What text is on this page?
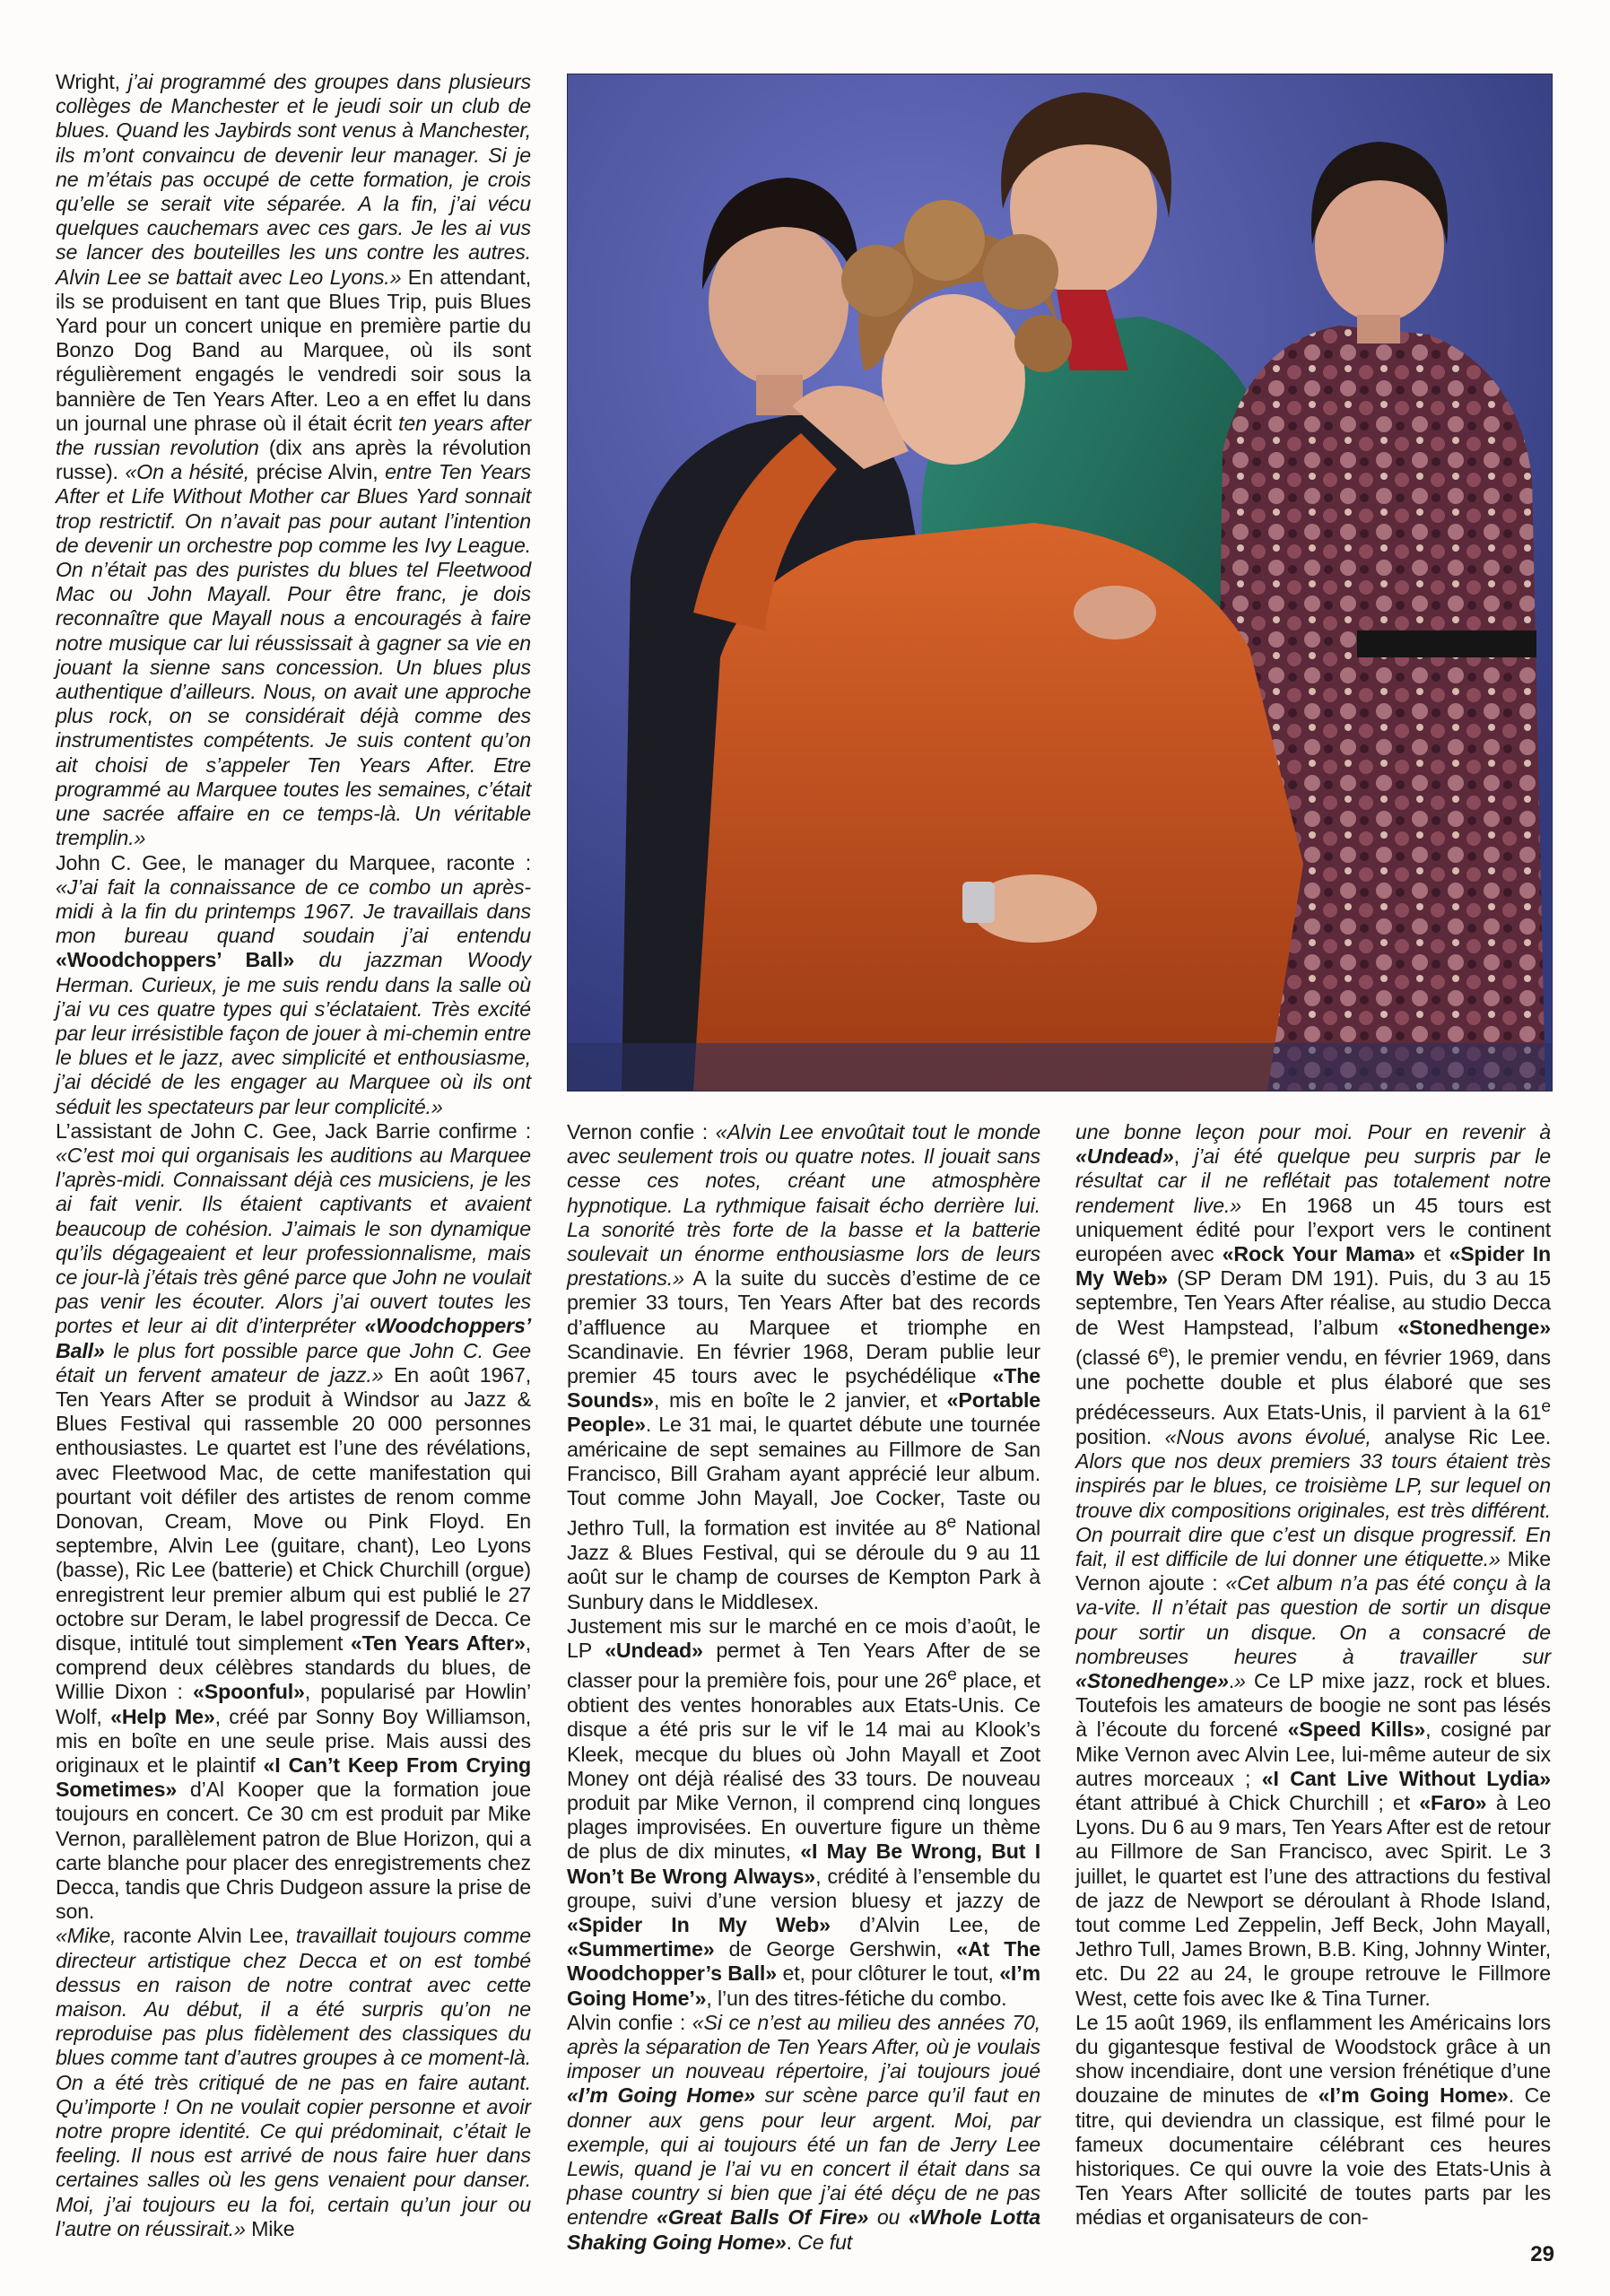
Wright, j’ai programmé des groupes dans plusieurs collèges de Manchester et le jeudi soir un club de blues. Quand les Jaybirds sont venus à Manchester, ils m’ont convaincu de devenir leur manager. Si je ne m’étais pas occupé de cette formation, je crois qu’elle se serait vite séparée. A la fin, j’ai vécu quelques cauchemars avec ces gars. Je les ai vus se lancer des bouteilles les uns contre les autres. Alvin Lee se battait avec Leo Lyons.» En attendant, ils se produisent en tant que Blues Trip, puis Blues Yard pour un concert unique en première partie du Bonzo Dog Band au Marquee, où ils sont régulièrement engagés le vendredi soir sous la bannière de Ten Years After. Leo a en effet lu dans un journal une phrase où il était écrit ten years after the russian revolution (dix ans après la révolution russe). «On a hésité, précise Alvin, entre Ten Years After et Life Without Mother car Blues Yard sonnait trop restrictif. On n’avait pas pour autant l’intention de devenir un orchestre pop comme les Ivy League. On n’était pas des puristes du blues tel Fleetwood Mac ou John Mayall. Pour être franc, je dois reconnaître que Mayall nous a encouragés à faire notre musique car lui réussissait à gagner sa vie en jouant la sienne sans concession. Un blues plus authentique d’ailleurs. Nous, on avait une approche plus rock, on se considérait déjà comme des instrumentistes compétents. Je suis content qu’on ait choisi de s’appeler Ten Years After. Etre programmé au Marquee toutes les semaines, c’était une sacrée affaire en ce temps-là. Un véritable tremplin.»
John C. Gee, le manager du Marquee, raconte : «J’ai fait la connaissance de ce combo un après-midi à la fin du printemps 1967. Je travaillais dans mon bureau quand soudain j’ai entendu «Woodchoppers’ Ball» du jazzman Woody Herman. Curieux, je me suis rendu dans la salle où j’ai vu ces quatre types qui s’éclataient. Très excité par leur irrésistible façon de jouer à mi-chemin entre le blues et le jazz, avec simplicité et enthousiasme, j’ai décidé de les engager au Marquee où ils ont séduit les spectateurs par leur complicité.»
L’assistant de John C. Gee, Jack Barrie confirme : «C’est moi qui organisais les auditions au Marquee l’après-midi. Connaissant déjà ces musiciens, je les ai fait venir. Ils étaient captivants et avaient beaucoup de cohésion. J’aimais le son dynamique qu’ils dégageaient et leur professionnalisme, mais ce jour-là j’étais très gêné parce que John ne voulait pas venir les écouter. Alors j’ai ouvert toutes les portes et leur ai dit d’interpréter «Woodchoppers’ Ball» le plus fort possible parce que John C. Gee était un fervent amateur de jazz.» En août 1967, Ten Years After se produit à Windsor au Jazz & Blues Festival qui rassemble 20 000 personnes enthousiastes. Le quartet est l’une des révélations, avec Fleetwood Mac, de cette manifestation qui pourtant voit défiler des artistes de renom comme Donovan, Cream, Move ou Pink Floyd. En septembre, Alvin Lee (guitare, chant), Leo Lyons (basse), Ric Lee (batterie) et Chick Churchill (orgue) enregistrent leur premier album qui est publié le 27 octobre sur Deram, le label progressif de Decca. Ce disque, intitulé tout simplement «Ten Years After», comprend deux célèbres standards du blues, de Willie Dixon : «Spoonful», popularisé par Howlin’ Wolf, «Help Me», créé par Sonny Boy Williamson, mis en boîte en une seule prise. Mais aussi des originaux et le plaintif «I Can’t Keep From Crying Sometimes» d’Al Kooper que la formation joue toujours en concert. Ce 30 cm est produit par Mike Vernon, parallèlement patron de Blue Horizon, qui a carte blanche pour placer des enregistrements chez Decca, tandis que Chris Dudgeon assure la prise de son.
«Mike, raconte Alvin Lee, travaillait toujours comme directeur artistique chez Decca et on est tombé dessus en raison de notre contrat avec cette maison. Au début, il a été surpris qu’on ne reproduise pas plus fidèlement des classiques du blues comme tant d’autres groupes à ce moment-là. On a été très critiqué de ne pas en faire autant. Qu’importe ! On ne voulait copier personne et avoir notre propre identité. Ce qui prédominait, c’était le feeling. Il nous est arrivé de nous faire huer dans certaines salles où les gens venaient pour danser. Moi, j’ai toujours eu la foi, certain qu’un jour ou l’autre on réussirait.» Mike

Vernon confie : «Alvin Lee envoûtait tout le monde avec seulement trois ou quatre notes. Il jouait sans cesse ces notes, créant une atmosphère hypnotique. La rythmique faisait écho derrière lui. La sonorité très forte de la basse et la batterie soulevait un énorme enthousiasme lors de leurs prestations.» A la suite du succès d’estime de ce premier 33 tours, Ten Years After bat des records d’affluence au Marquee et triomphe en Scandinavie. En février 1968, Deram publie leur premier 45 tours avec le psychédélique «The Sounds», mis en boîte le 2 janvier, et «Portable People». Le 31 mai, le quartet débute une tournée américaine de sept semaines au Fillmore de San Francisco, Bill Graham ayant apprécié leur album. Tout comme John Mayall, Joe Cocker, Taste ou Jethro Tull, la formation est invitée au 8e National Jazz & Blues Festival, qui se déroule du 9 au 11 août sur le champ de courses de Kempton Park à Sunbury dans le Middlesex.
Justement mis sur le marché en ce mois d’août, le LP «Undead» permet à Ten Years After de se classer pour la première fois, pour une 26e place, et obtient des ventes honorables aux Etats-Unis. Ce disque a été pris sur le vif le 14 mai au Klook’s Kleek, mecque du blues où John Mayall et Zoot Money ont déjà réalisé des 33 tours. De nouveau produit par Mike Vernon, il comprend cinq longues plages improvisées. En ouverture figure un thème de plus de dix minutes, «I May Be Wrong, But I Won’t Be Wrong Always», crédité à l’ensemble du groupe, suivi d’une version bluesy et jazzy de «Spider In My Web» d’Alvin Lee, de «Summertime» de George Gershwin, «At The Woodchopper’s Ball» et, pour clôturer le tout, «I’m Going Home’», l’un des titres-fétiche du combo.
Alvin confie : «Si ce n’est au milieu des années 70, après la séparation de Ten Years After, où je voulais imposer un nouveau répertoire, j’ai toujours joué «I’m Going Home» sur scène parce qu’il faut en donner aux gens pour leur argent. Moi, par exemple, qui ai toujours été un fan de Jerry Lee Lewis, quand je l’ai vu en concert il était dans sa phase country si bien que j’ai été déçu de ne pas entendre «Great Balls Of Fire» ou «Whole Lotta Shaking Going Home». Ce fut

une bonne leçon pour moi. Pour en revenir à «Undead», j’ai été quelque peu surpris par le résultat car il ne reflétait pas totalement notre rendement live.» En 1968 un 45 tours est uniquement édité pour l’export vers le continent européen avec «Rock Your Mama» et «Spider In My Web» (SP Deram DM 191). Puis, du 3 au 15 septembre, Ten Years After réalise, au studio Decca de West Hampstead, l’album «Stonedhenge» (classé 6e), le premier vendu, en février 1969, dans une pochette double et plus élaboré que ses prédécesseurs. Aux Etats-Unis, il parvient à la 61e position. «Nous avons évolué, analyse Ric Lee. Alors que nos deux premiers 33 tours étaient très inspirés par le blues, ce troisième LP, sur lequel on trouve dix compositions originales, est très différent. On pourrait dire que c’est un disque progressif. En fait, il est difficile de lui donner une étiquette.» Mike Vernon ajoute : «Cet album n’a pas été conçu à la va-vite. Il n’était pas question de sortir un disque pour sortir un disque. On a consacré de nombreuses heures à travailler sur «Stonedhenge».» Ce LP mixe jazz, rock et blues. Toutefois les amateurs de boogie ne sont pas lésés à l’écoute du forcené «Speed Kills», cosigné par Mike Vernon avec Alvin Lee, lui-même auteur de six autres morceaux ; «I Cant Live Without Lydia» étant attribué à Chick Churchill ; et «Faro» à Leo Lyons. Du 6 au 9 mars, Ten Years After est de retour au Fillmore de San Francisco, avec Spirit. Le 3 juillet, le quartet est l’une des attractions du festival de jazz de Newport se déroulant à Rhode Island, tout comme Led Zeppelin, Jeff Beck, John Mayall, Jethro Tull, James Brown, B.B. King, Johnny Winter, etc. Du 22 au 24, le groupe retrouve le Fillmore West, cette fois avec Ike & Tina Turner.
Le 15 août 1969, ils enflamment les Américains lors du gigantesque festival de Woodstock grâce à un show incendiaire, dont une version frénétique d’une douzaine de minutes de «I’m Going Home». Ce titre, qui deviendra un classique, est filmé pour le fameux documentaire célébrant ces heures historiques. Ce qui ouvre la voie des Etats-Unis à Ten Years After sollicité de toutes parts par les médias et organisateurs de con-

29
